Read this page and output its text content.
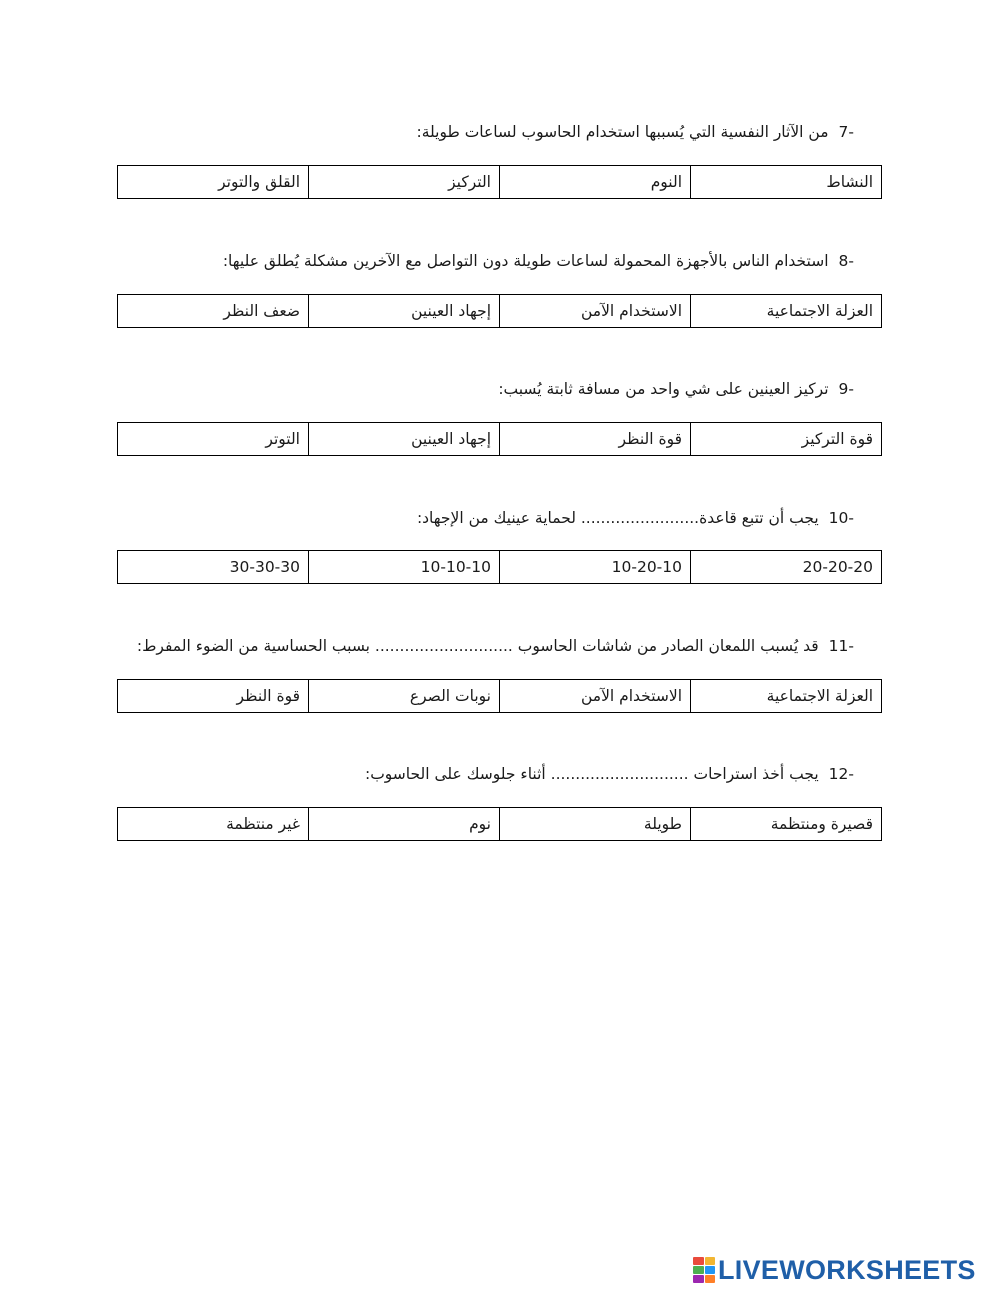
-7من الآثار النفسية التي يُسببها استخدام الحاسوب لساعات طويلة:
النشاط	النوم	التركيز	القلق والتوتر
-8استخدام الناس بالأجهزة المحمولة لساعات طويلة دون التواصل مع الآخرين مشكلة يُطلق عليها:
العزلة الاجتماعية	الاستخدام الآمن	إجهاد العينين	ضعف النظر
-9تركيز العينين على شي واحد من مسافة ثابتة يُسبب:
قوة التركيز	قوة النظر	إجهاد العينين	التوتر
-10يجب أن تتبع قاعدة........................ لحماية عينيك من الإجهاد:
20-20-20	10-20-10	10-10-10	30-30-30
-11قد يُسبب اللمعان الصادر من شاشات الحاسوب ............................ بسبب الحساسية من الضوء المفرط:
العزلة الاجتماعية	الاستخدام الآمن	نوبات الصرع	قوة النظر
-12يجب أخذ استراحات ............................ أثناء جلوسك على الحاسوب:
قصيرة ومنتظمة	طويلة	نوم	غير منتظمة
LIVEWORKSHEETS
